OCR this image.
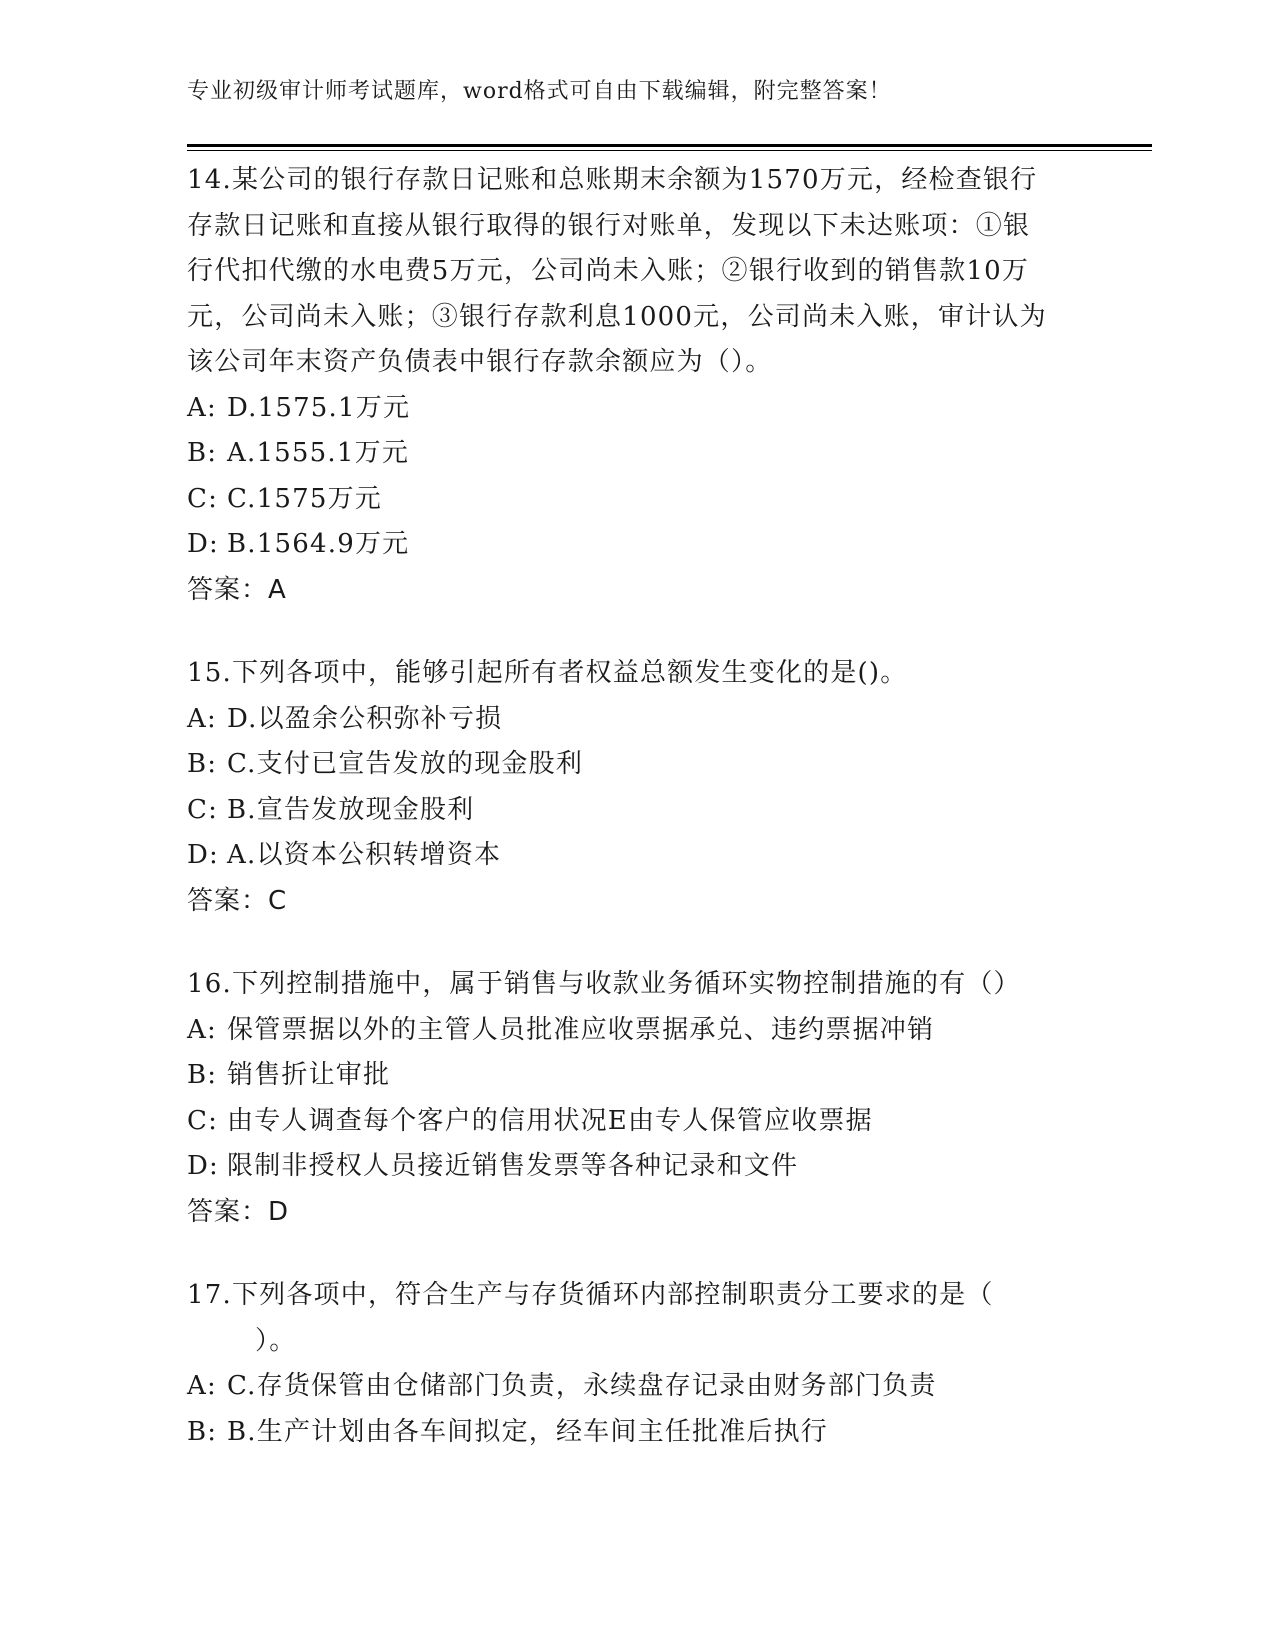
专业初级审计师考试题库，word格式可自由下载编辑，附完整答案！

14.某公司的银行存款日记账和总账期末余额为1570万元，经检查银行存款日记账和直接从银行取得的银行对账单，发现以下未达账项：①银行代扣代缴的水电费5万元，公司尚未入账；②银行收到的销售款10万元，公司尚未入账；③银行存款利息1000元，公司尚未入账，审计认为该公司年末资产负债表中银行存款余额应为（）。

A: D.1575.1万元

B: A.1555.1万元

C: C.1575万元

D: B.1564.9万元

答案：A

15.下列各项中，能够引起所有者权益总额发生变化的是()。

A: D.以盈余公积弥补亏损

B: C.支付已宣告发放的现金股利

C: B.宣告发放现金股利

D: A.以资本公积转增资本

答案：C

16.下列控制措施中，属于销售与收款业务循环实物控制措施的有（）

A: 保管票据以外的主管人员批准应收票据承兑、违约票据冲销

B: 销售折让审批

C: 由专人调查每个客户的信用状况E由专人保管应收票据

D: 限制非授权人员接近销售发票等各种记录和文件

答案：D

17.下列各项中，符合生产与存货循环内部控制职责分工要求的是（
）。

A: C.存货保管由仓储部门负责，永续盘存记录由财务部门负责

B: B.生产计划由各车间拟定，经车间主任批准后执行
